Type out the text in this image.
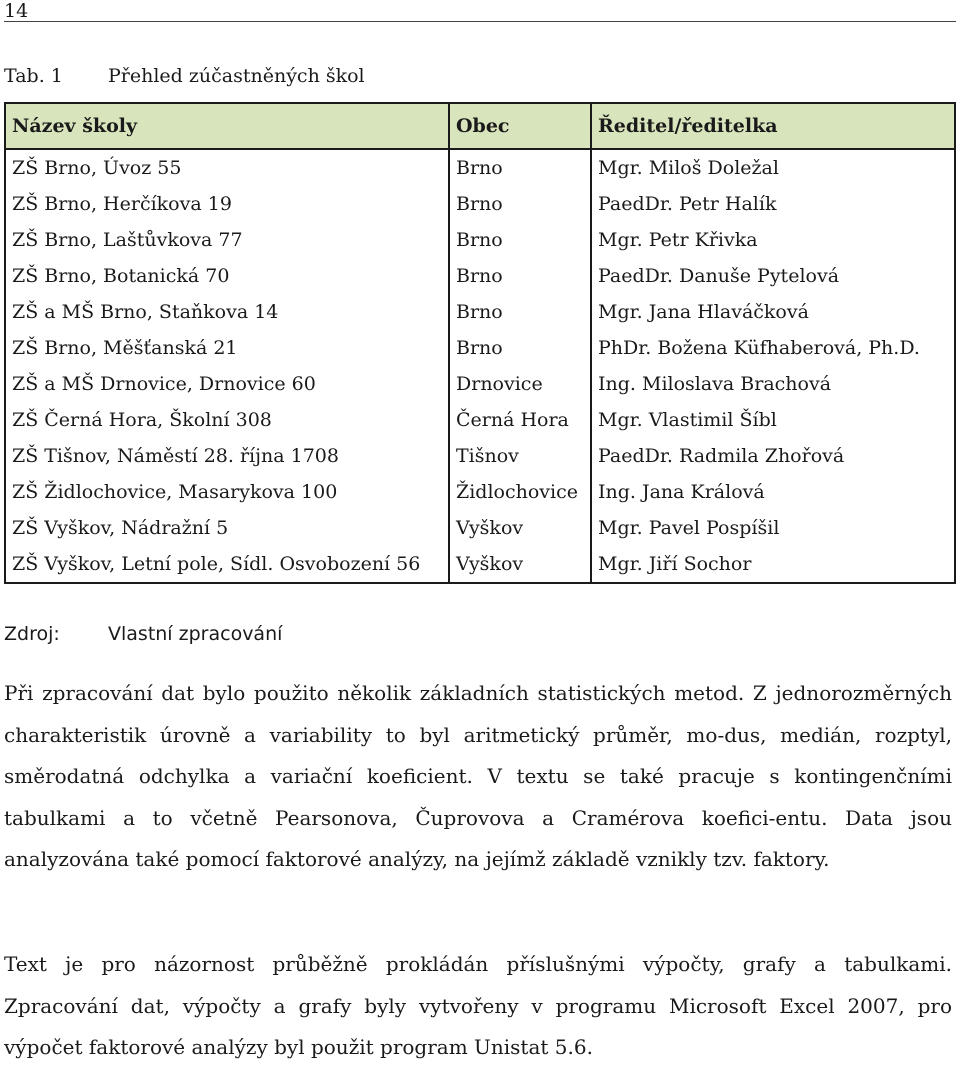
14
Tab. 1 Přehled zúčastněných škol
Název školy	Obec	Ředitel/ředitelka
ZŠ Brno, Úvoz 55	Brno	Mgr. Miloš Doležal
ZŠ Brno, Herčíkova 19	Brno	PaedDr. Petr Halík
ZŠ Brno, Laštůvkova 77	Brno	Mgr. Petr Křivka
ZŠ Brno, Botanická 70	Brno	PaedDr. Danuše Pytelová
ZŠ a MŠ Brno, Staňkova 14	Brno	Mgr. Jana Hlaváčková
ZŠ Brno, Měšťanská 21	Brno	PhDr. Božena Küfhaberová, Ph.D.
ZŠ a MŠ Drnovice, Drnovice 60	Drnovice	Ing. Miloslava Brachová
ZŠ Černá Hora, Školní 308	Černá Hora	Mgr. Vlastimil Šíbl
ZŠ Tišnov, Náměstí 28. října 1708	Tišnov	PaedDr. Radmila Zhořová
ZŠ Židlochovice, Masarykova 100	Židlochovice	Ing. Jana Králová
ZŠ Vyškov, Nádražní 5	Vyškov	Mgr. Pavel Pospíšil
ZŠ Vyškov, Letní pole, Sídl. Osvobození 56	Vyškov	Mgr. Jiří Sochor
Zdroj:	Vlastní zpracování

Při zpracování dat bylo použito několik základních statistických metod. Z jednorozměrných charakteristik úrovně a variability to byl aritmetický průměr, mo-dus, medián, rozptyl, směrodatná odchylka a variační koeficient. V textu se také pracuje s kontingenčními tabulkami a to včetně Pearsonova, Čuprovova a Cramérova koefici-entu. Data jsou analyzována také pomocí faktorové analýzy, na jejímž základě vznikly tzv. faktory.

Text je pro názornost průběžně prokládán příslušnými výpočty, grafy a tabulkami. Zpracování dat, výpočty a grafy byly vytvořeny v programu Microsoft Excel 2007, pro výpočet faktorové analýzy byl použit program Unistat 5.6.
